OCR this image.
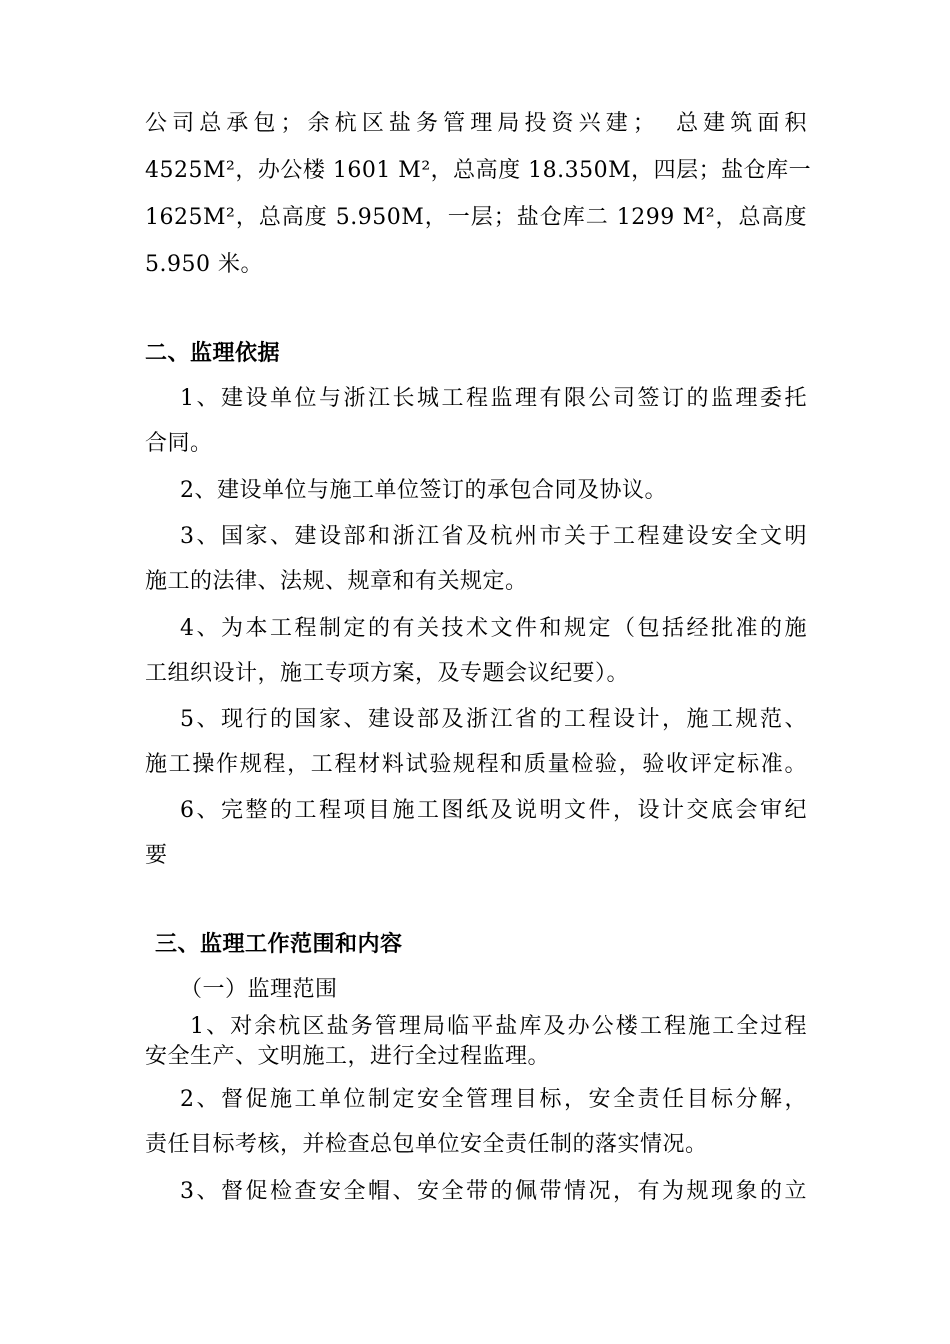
公司总承包；余杭区盐务管理局投资兴建；　总建筑面积
4525M²，办公楼 1601 M²，总高度 18.350M，四层；盐仓库一
1625M²，总高度 5.950M，一层；盐仓库二 1299 M²，总高度
5.950 米。
二、监理依据
1、建设单位与浙江长城工程监理有限公司签订的监理委托
合同。
2、建设单位与施工单位签订的承包合同及协议。
3、国家、建设部和浙江省及杭州市关于工程建设安全文明
施工的法律、法规、规章和有关规定。
4、为本工程制定的有关技术文件和规定（包括经批准的施
工组织设计，施工专项方案，及专题会议纪要）。
5、现行的国家、建设部及浙江省的工程设计，施工规范、
施工操作规程，工程材料试验规程和质量检验，验收评定标准。
6、完整的工程项目施工图纸及说明文件，设计交底会审纪
要
三、监理工作范围和内容
（一）监理范围
1、对余杭区盐务管理局临平盐库及办公楼工程施工全过程
安全生产、文明施工，进行全过程监理。
2、督促施工单位制定安全管理目标，安全责任目标分解，
责任目标考核，并检查总包单位安全责任制的落实情况。
3、督促检查安全帽、安全带的佩带情况，有为规现象的立
